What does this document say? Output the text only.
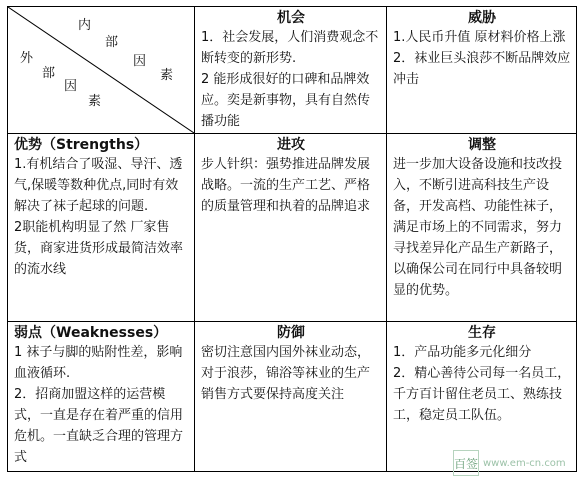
内
部
因
素
外
部
因
素
机会
1．社会发展，人们消费观念不断转变的新形势.
2 能形成很好的口碑和品牌效应。奕是新事物，具有自然传播功能
威胁
1.人民币升值 原材料价格上涨
2．袜业巨头浪莎不断品牌效应冲击
优势（Strengths）
1.有机结合了吸湿、导汗、透气,保暖等数种优点,同时有效解决了袜子起球的问题.
2职能机构明显了然 厂家售货，商家进货形成最简洁效率的流水线
进攻
步人针织：强势推进品牌发展战略。一流的生产工艺、严格的质量管理和执着的品牌追求
调整
进一步加大设备设施和技改投入，不断引进高科技生产设备，开发高档、功能性袜子，满足市场上的不同需求，努力寻找差异化产品生产新路子，以确保公司在同行中具备较明显的优势。
弱点（Weaknesses）
1 袜子与脚的贴附性差，影响血液循环.
2．招商加盟这样的运营模式，一直是存在着严重的信用危机。一直缺乏合理的管理方式
防御
密切注意国内国外袜业动态，对于浪莎，锦浴等袜业的生产销售方式要保持高度关注
生存
1．产品功能多元化细分
2．精心善待公司每一名员工，千方百计留住老员工、熟练技工，稳定员工队伍。
百签 www.em-cn.com
